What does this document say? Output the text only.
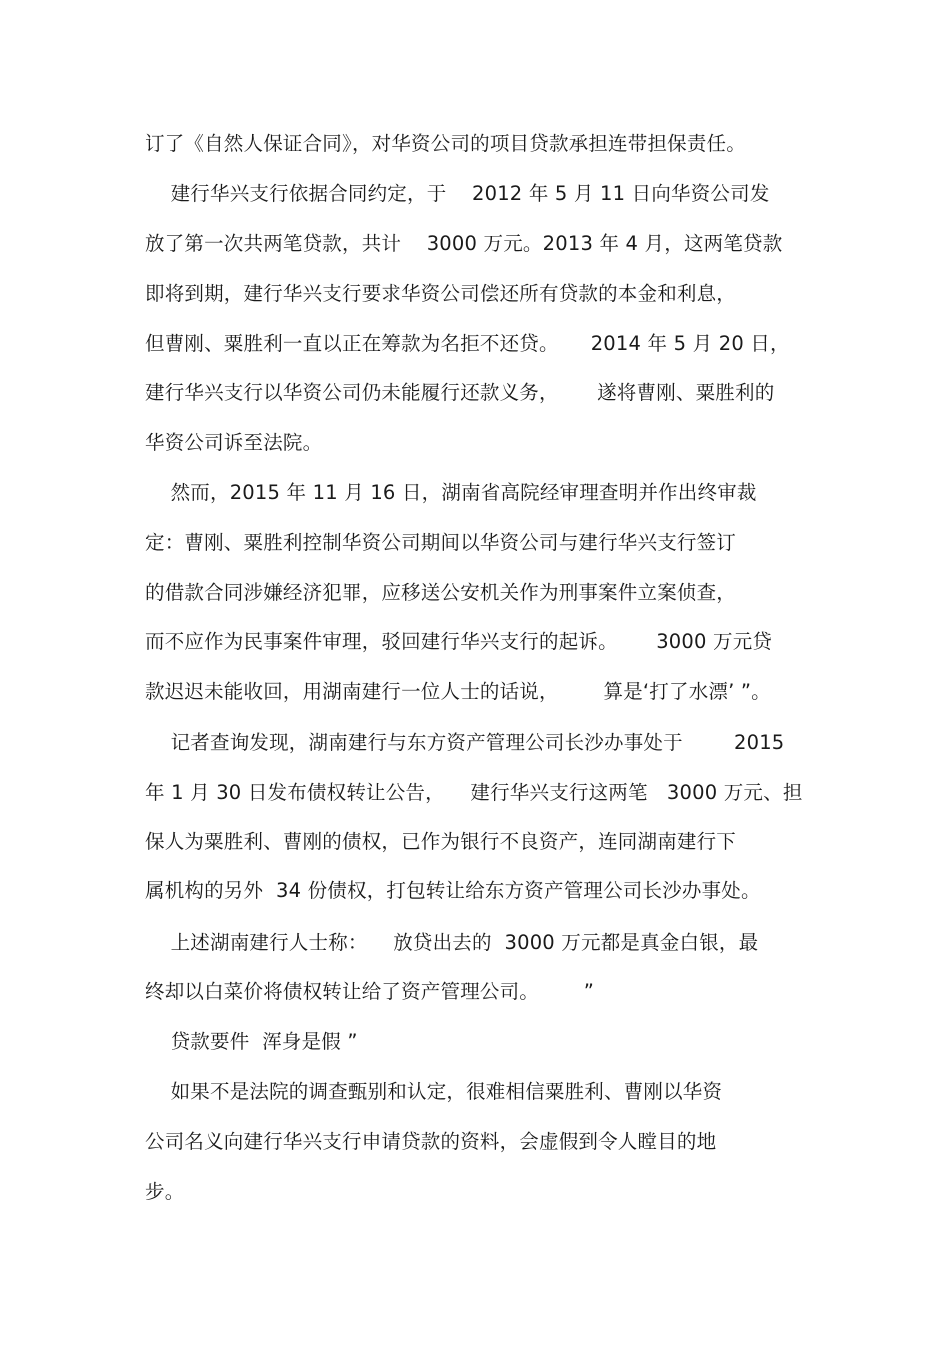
订了《自然人保证合同》，对华资公司的项目贷款承担连带担保责任。
建行华兴支行依据合同约定，于    2012 年 5 月 11 日向华资公司发
放了第一次共两笔贷款，共计    3000 万元。2013 年 4 月，这两笔贷款
即将到期，建行华兴支行要求华资公司偿还所有贷款的本金和利息，
但曹刚、粟胜利一直以正在筹款为名拒不还贷。     2014 年 5 月 20 日，
建行华兴支行以华资公司仍未能履行还款义务，      遂将曹刚、粟胜利的
华资公司诉至法院。
然而，2015 年 11 月 16 日，湖南省高院经审理查明并作出终审裁
定：曹刚、粟胜利控制华资公司期间以华资公司与建行华兴支行签订
的借款合同涉嫌经济犯罪，应移送公安机关作为刑事案件立案侦查，
而不应作为民事案件审理，驳回建行华兴支行的起诉。      3000 万元贷
款迟迟未能收回，用湖南建行一位人士的话说，       算是‘打了水漂’ ”。
记者查询发现，湖南建行与东方资产管理公司长沙办事处于        2015
年 1 月 30 日发布债权转让公告，    建行华兴支行这两笔   3000 万元、担
保人为粟胜利、曹刚的债权，已作为银行不良资产，连同湖南建行下
属机构的另外  34 份债权，打包转让给东方资产管理公司长沙办事处。
上述湖南建行人士称：    放贷出去的  3000 万元都是真金白银，最
终却以白菜价将债权转让给了资产管理公司。       ”
贷款要件  浑身是假 ”
如果不是法院的调查甄别和认定，很难相信粟胜利、曹刚以华资
公司名义向建行华兴支行申请贷款的资料，会虚假到令人瞠目的地
步。
